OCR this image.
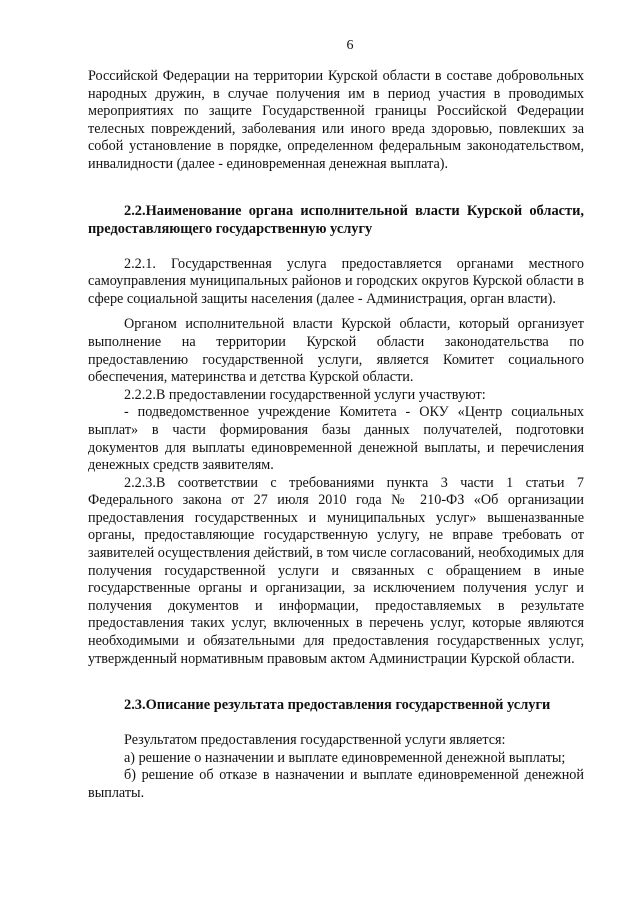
6

Российской Федерации на территории Курской области в составе добровольных народных дружин, в случае получения им в период участия в проводимых мероприятиях по защите Государственной границы Российской Федерации телесных повреждений, заболевания или иного вреда здоровью, повлекших за собой установление в порядке, определенном федеральным законодательством, инвалидности (далее - единовременная денежная выплата).

2.2.Наименование органа исполнительной власти Курской области, предоставляющего государственную услугу

2.2.1. Государственная услуга предоставляется органами местного самоуправления муниципальных районов и городских округов Курской области в сфере социальной защиты населения (далее - Администрация, орган власти).

Органом исполнительной власти Курской области, который организует выполнение на территории Курской области законодательства по предоставлению государственной услуги, является Комитет социального обеспечения, материнства и детства Курской области.

2.2.2.В предоставлении государственной услуги участвуют:

- подведомственное учреждение Комитета - ОКУ «Центр социальных выплат» в части формирования базы данных получателей, подготовки документов для выплаты единовременной денежной выплаты, и перечисления денежных средств заявителям.

2.2.3.В соответствии с требованиями пункта 3 части 1 статьи 7 Федерального закона от 27 июля 2010 года № 210-ФЗ «Об организации предоставления государственных и муниципальных услуг» вышеназванные органы, предоставляющие государственную услугу, не вправе требовать от заявителей осуществления действий, в том числе согласований, необходимых для получения государственной услуги и связанных с обращением в иные государственные органы и организации, за исключением получения услуг и получения документов и информации, предоставляемых в результате предоставления таких услуг, включенных в перечень услуг, которые являются необходимыми и обязательными для предоставления государственных услуг, утвержденный нормативным правовым актом Администрации Курской области.

2.3.Описание результата предоставления государственной услуги

Результатом предоставления государственной услуги является:

а) решение о назначении и выплате единовременной денежной выплаты;

б) решение об отказе в назначении и выплате единовременной денежной выплаты.
